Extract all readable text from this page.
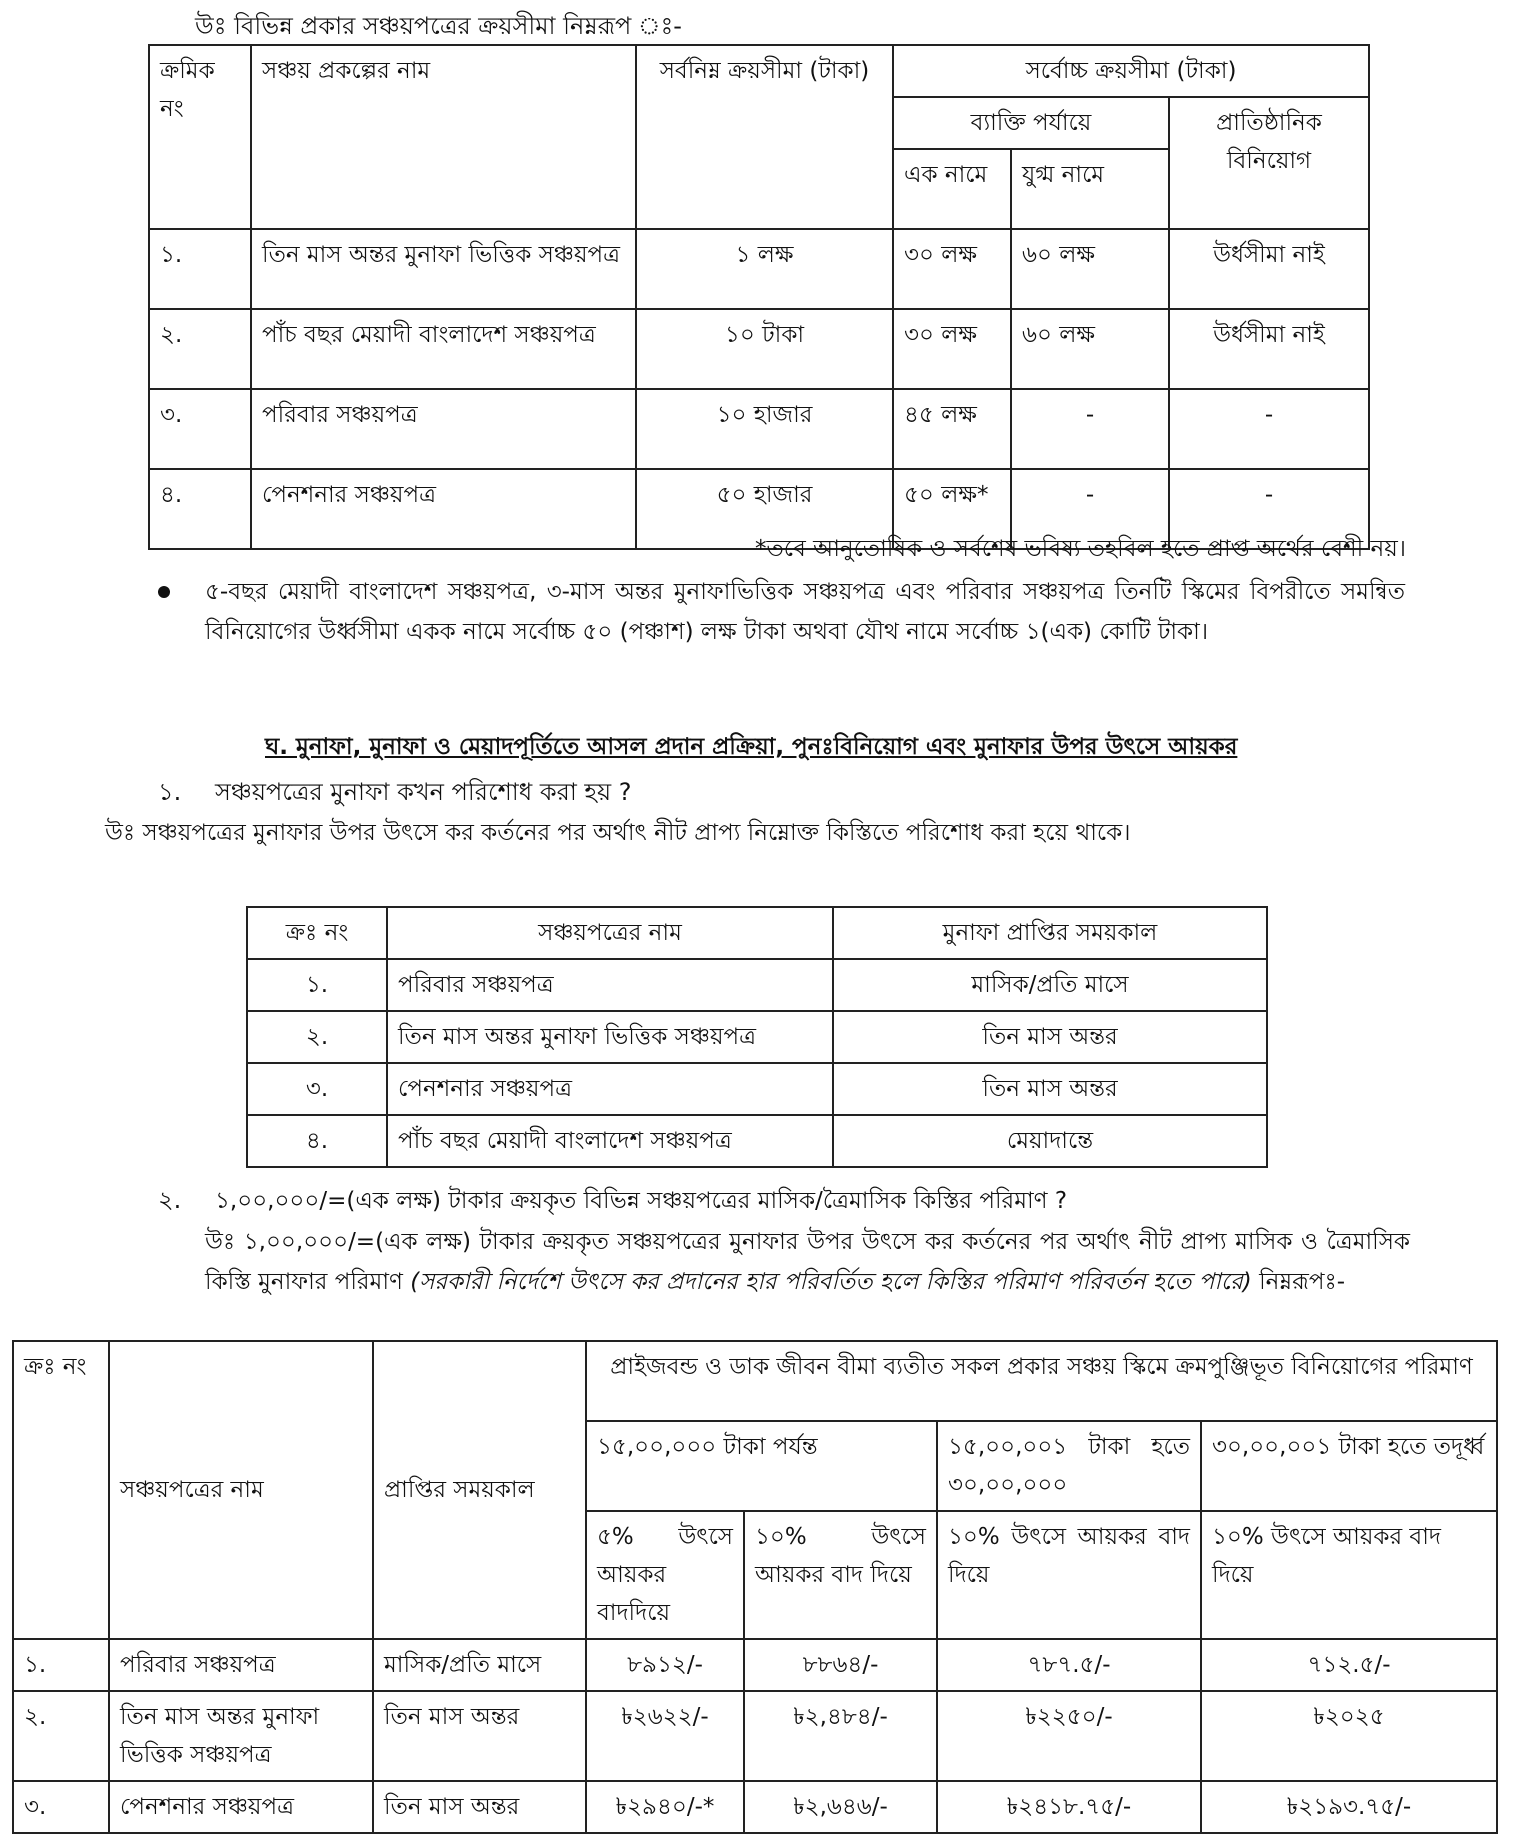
উঃ বিভিন্ন প্রকার সঞ্চয়পত্রের ক্রয়সীমা নিম্নরূপ ঃ-
ক্রমিক নং	সঞ্চয় প্রকল্পের নাম	সর্বনিম্ন ক্রয়সীমা (টাকা)	সর্বোচ্চ ক্রয়সীমা (টাকা)		
			ব্যাক্তি পর্যায়ে		প্রাতিষ্ঠানিক বিনিয়োগ
			এক নামে	যুগ্ম নামে	
১.	তিন মাস অন্তর মুনাফা ভিত্তিক সঞ্চয়পত্র	১ লক্ষ	৩০ লক্ষ	৬০ লক্ষ	উর্ধসীমা নাই
২.	পাঁচ বছর মেয়াদী বাংলাদেশ সঞ্চয়পত্র	১০ টাকা	৩০ লক্ষ	৬০ লক্ষ	উর্ধসীমা নাই
৩.	পরিবার সঞ্চয়পত্র	১০ হাজার	৪৫ লক্ষ	-	-
৪.	পেনশনার সঞ্চয়পত্র	৫০ হাজার	৫০ লক্ষ*	-	-
*তবে আনুতোষিক ও সর্বশেষ ভবিষ্য তহবিল হতে প্রাপ্ত অর্থের বেশী নয়।
৫-বছর মেয়াদী বাংলাদেশ সঞ্চয়পত্র, ৩-মাস অন্তর মুনাফাভিত্তিক সঞ্চয়পত্র এবং পরিবার সঞ্চয়পত্র তিনটি স্কিমের বিপরীতে সমন্বিত বিনিয়োগের উর্ধ্বসীমা একক নামে সর্বোচ্চ ৫০ (পঞ্চাশ) লক্ষ টাকা অথবা যৌথ নামে সর্বোচ্চ ১(এক) কোটি টাকা।
ঘ. মুনাফা, মুনাফা ও মেয়াদপূর্তিতে আসল প্রদান প্রক্রিয়া, পুনঃবিনিয়োগ এবং মুনাফার উপর উৎসে আয়কর
১. সঞ্চয়পত্রের মুনাফা কখন পরিশোধ করা হয় ?
উঃ সঞ্চয়পত্রের মুনাফার উপর উৎসে কর কর্তনের পর অর্থাৎ নীট প্রাপ্য নিম্নোক্ত কিস্তিতে পরিশোধ করা হয়ে থাকে।
ক্রঃ নং	সঞ্চয়পত্রের নাম	মুনাফা প্রাপ্তির সময়কাল
১.	পরিবার সঞ্চয়পত্র	মাসিক/প্রতি মাসে
২.	তিন মাস অন্তর মুনাফা ভিত্তিক সঞ্চয়পত্র	তিন মাস অন্তর
৩.	পেনশনার সঞ্চয়পত্র	তিন মাস অন্তর
৪.	পাঁচ বছর মেয়াদী বাংলাদেশ সঞ্চয়পত্র	মেয়াদান্তে
২. ১,০০,০০০/=(এক লক্ষ) টাকার ক্রয়কৃত বিভিন্ন সঞ্চয়পত্রের মাসিক/ত্রৈমাসিক কিস্তির পরিমাণ ?
উঃ ১,০০,০০০/=(এক লক্ষ) টাকার ক্রয়কৃত সঞ্চয়পত্রের মুনাফার উপর উৎসে কর কর্তনের পর অর্থাৎ নীট প্রাপ্য মাসিক ও ত্রৈমাসিক কিস্তি মুনাফার পরিমাণ (সরকারী নির্দেশে উৎসে কর প্রদানের হার পরিবর্তিত হলে কিস্তির পরিমাণ পরিবর্তন হতে পারে) নিম্নরূপঃ-
ক্রঃ নং	সঞ্চয়পত্রের নাম	প্রাপ্তির সময়কাল	প্রাইজবন্ড ও ডাক জীবন বীমা ব্যতীত সকল প্রকার সঞ্চয় স্কিমে ক্রমপুঞ্জিভূত বিনিয়োগের পরিমাণ			
			১৫,০০,০০০ টাকা পর্যন্ত		১৫,০০,০০১ টাকা হতে ৩০,০০,০০০	৩০,০০,০০১ টাকা হতে তদূর্ধ্ব
			৫% উৎসে আয়কর বাদদিয়ে	১০% উৎসে আয়কর বাদ দিয়ে	১০% উৎসে আয়কর বাদ দিয়ে	১০% উৎসে আয়কর বাদ দিয়ে
১.	পরিবার সঞ্চয়পত্র	মাসিক/প্রতি মাসে	৮৯১২/-	৮৮৬৪/-	৭৮৭.৫/-	৭১২.৫/-
২.	তিন মাস অন্তর মুনাফা ভিত্তিক সঞ্চয়পত্র	তিন মাস অন্তর	৳২৬২২/-	৳২,৪৮৪/-	৳২২৫০/-	৳২০২৫
৩.	পেনশনার সঞ্চয়পত্র	তিন মাস অন্তর	৳২৯৪০/-*	৳২,৬৪৬/-	৳২৪১৮.৭৫/-	৳২১৯৩.৭৫/-
